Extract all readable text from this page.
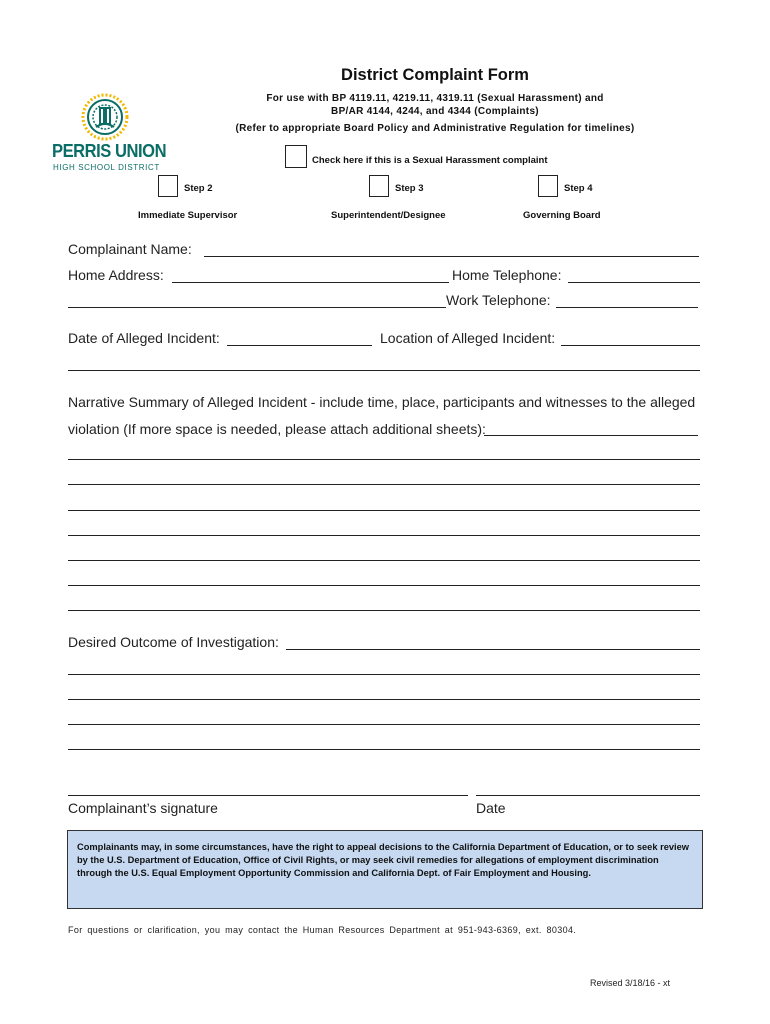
PERRIS UNION
HIGH SCHOOL DISTRICT
District Complaint Form
For use with BP 4119.11, 4219.11, 4319.11 (Sexual Harassment) and
BP/AR 4144, 4244, and 4344 (Complaints)
(Refer to appropriate Board Policy and Administrative Regulation for timelines)
Check here if this is a Sexual Harassment complaint
Step 2
Immediate Supervisor
Step 3
Superintendent/Designee
Step 4
Governing Board
Complainant Name:
Home Address:	Home Telephone:
Work Telephone:
Date of Alleged Incident:	Location of Alleged Incident:
Narrative Summary of Alleged Incident - include time, place, participants and witnesses to the alleged
violation (If more space is needed, please attach additional sheets):
Desired Outcome of Investigation:
Complainant’s signature	Date
Complainants may, in some circumstances, have the right to appeal decisions to the California Department of Education, or to seek review by the U.S. Department of Education, Office of Civil Rights, or may seek civil remedies for allegations of employment discrimination through the U.S. Equal Employment Opportunity Commission and California Dept. of Fair Employment and Housing.
For questions or clarification, you may contact the Human Resources Department at 951-943-6369, ext. 80304.
Revised 3/18/16 - xt
